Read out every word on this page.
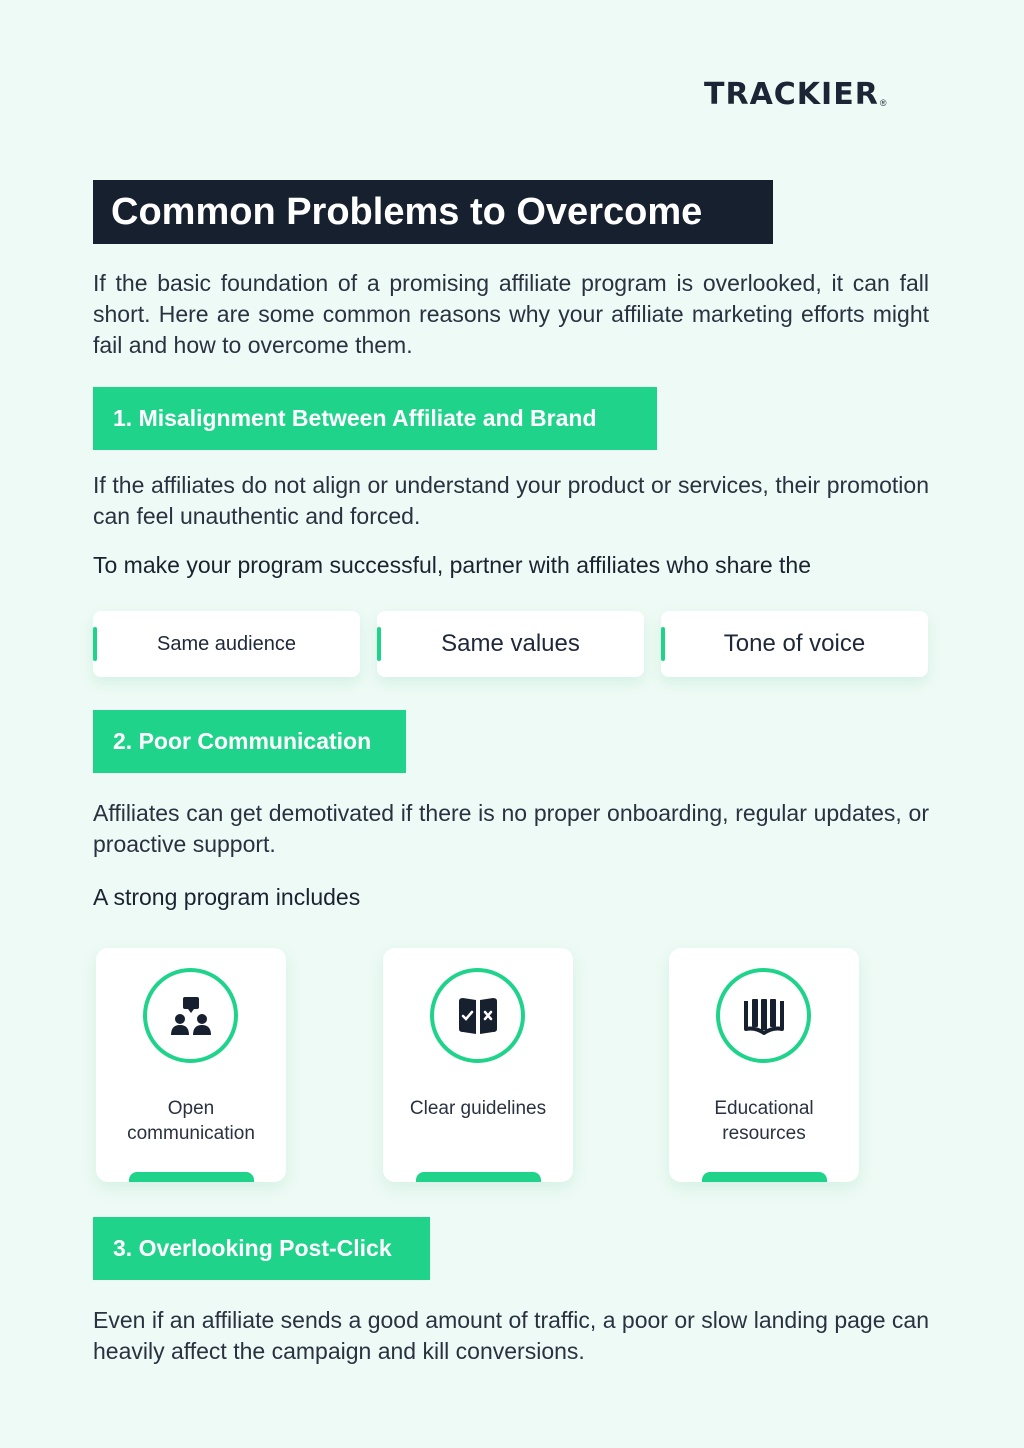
TRACKIER ®
Common Problems to Overcome

If the basic foundation of a promising affiliate program is overlooked, it can fall short. Here are some common reasons why your affiliate marketing efforts might fail and how to overcome them.

1. Misalignment Between Affiliate and Brand

If the affiliates do not align or understand your product or services, their promotion can feel unauthentic and forced.

To make your program successful, partner with affiliates who share the

Same audience	Same values	Tone of voice
2. Poor Communication

Affiliates can get demotivated if there is no proper onboarding, regular updates, or proactive support.

A strong program includes

Open communication
Clear guidelines	Educational resources
3. Overlooking Post-Click

Even if an affiliate sends a good amount of traffic, a poor or slow landing page can heavily affect the campaign and kill conversions.
